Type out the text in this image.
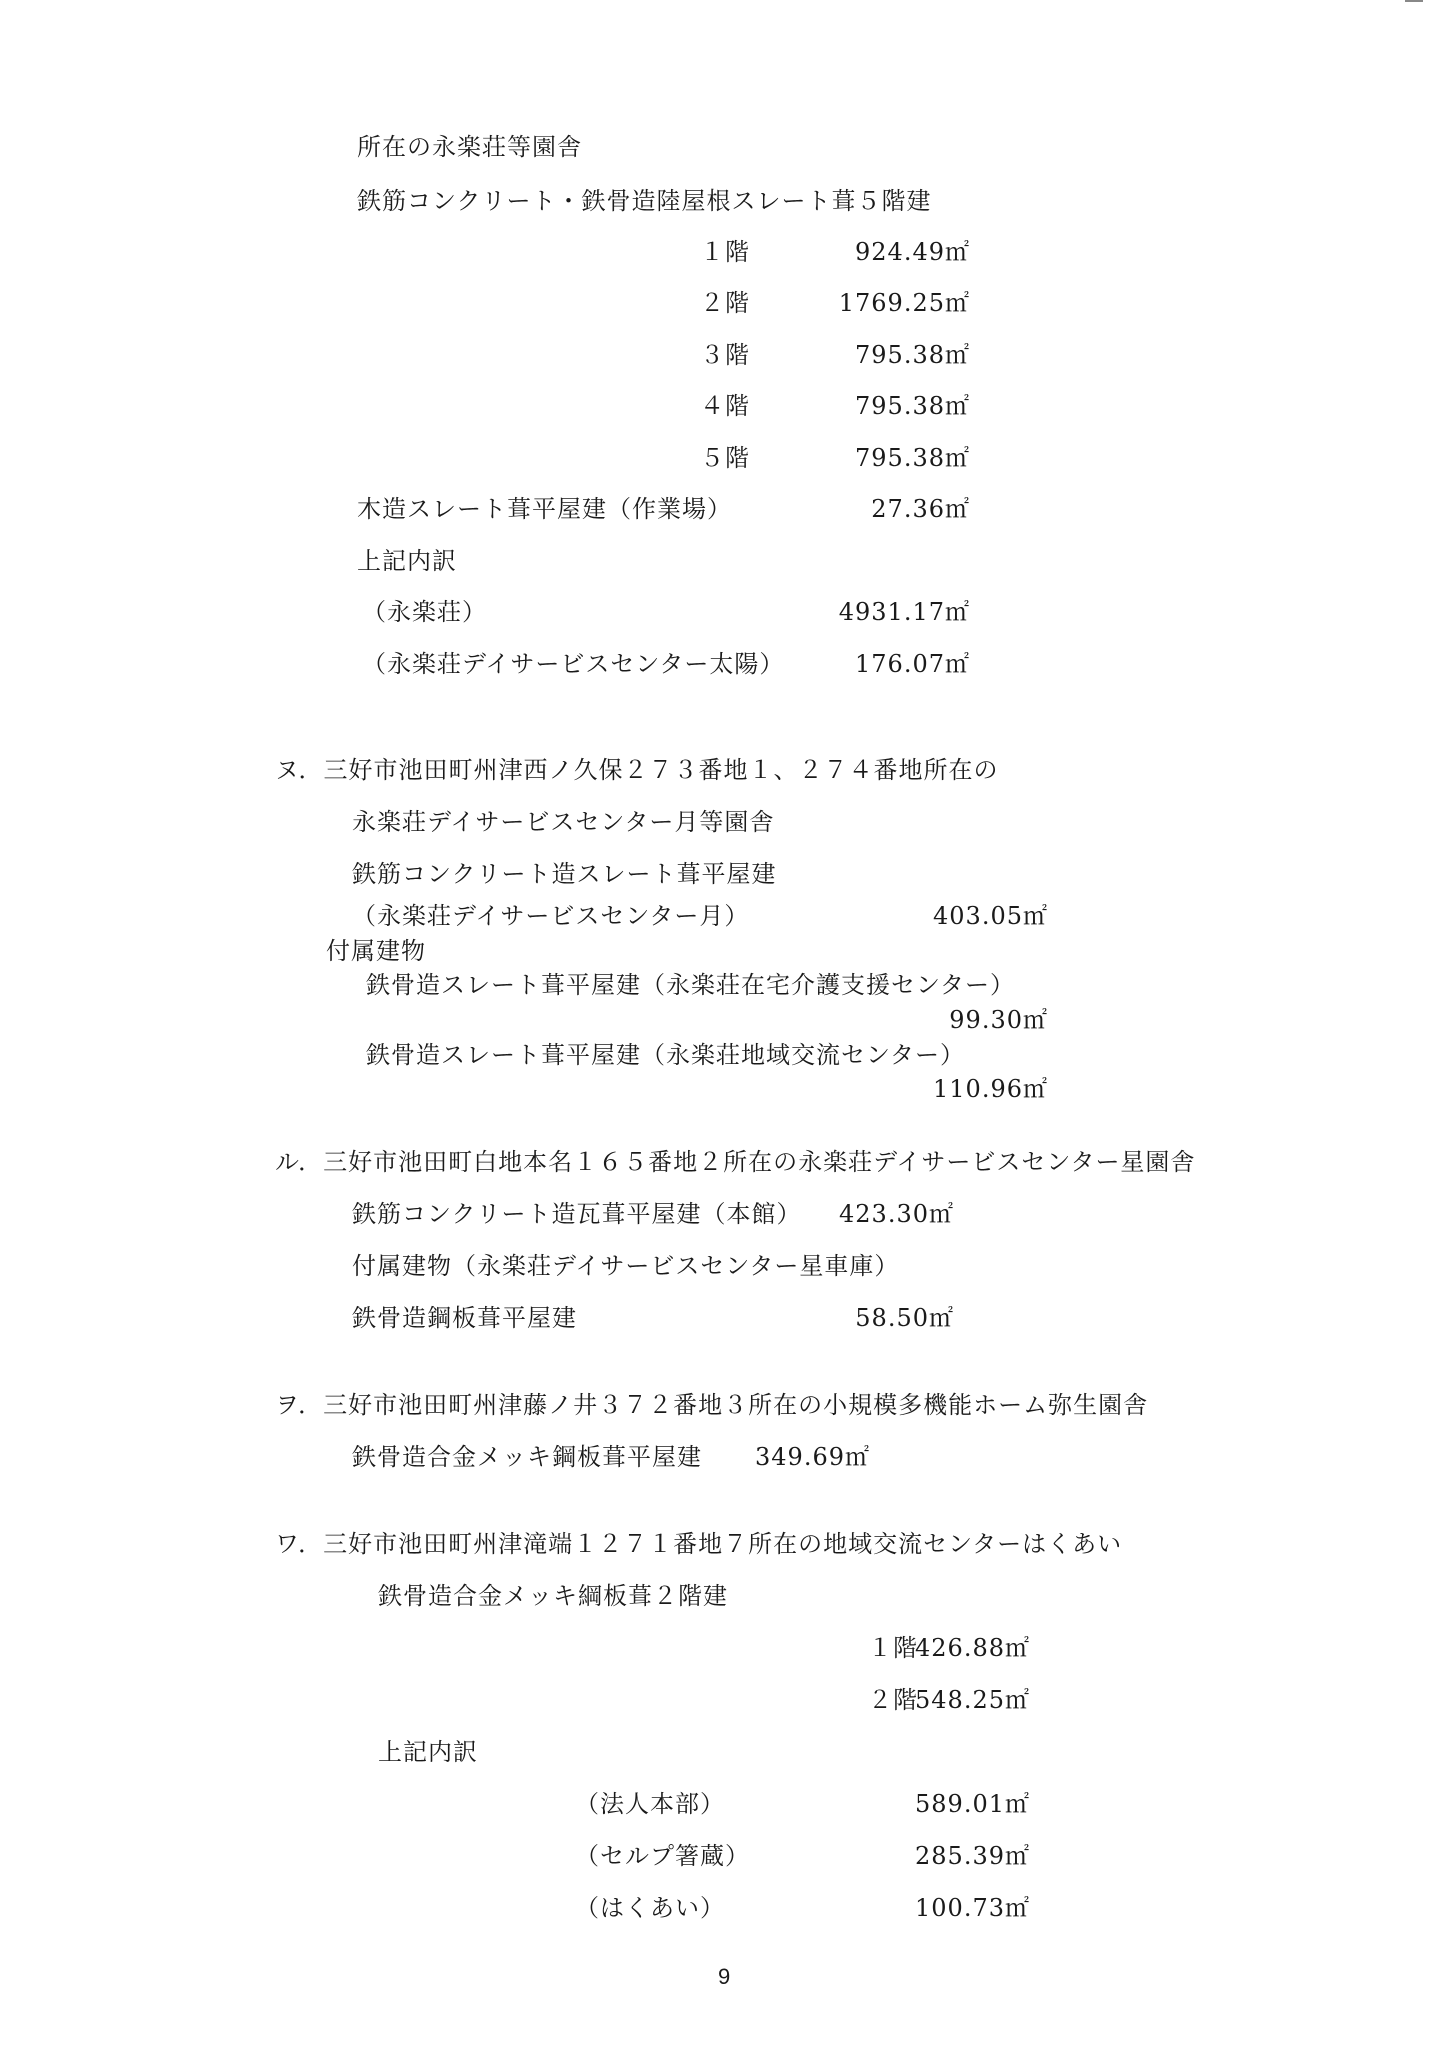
所在の永楽荘等園舎
鉄筋コンクリート・鉄骨造陸屋根スレート葺５階建
１階	924.49㎡
２階	1769.25㎡
３階	795.38㎡
４階	795.38㎡
５階	795.38㎡
木造スレート葺平屋建（作業場）	27.36㎡
上記内訳
（永楽荘）	4931.17㎡
（永楽荘デイサービスセンター太陽）	176.07㎡
ヌ．三好市池田町州津西ノ久保２７３番地１、２７４番地所在の
永楽荘デイサービスセンター月等園舎
鉄筋コンクリート造スレート葺平屋建
（永楽荘デイサービスセンター月）	403.05㎡
付属建物
鉄骨造スレート葺平屋建（永楽荘在宅介護支援センター）
99.30㎡
鉄骨造スレート葺平屋建（永楽荘地域交流センター）
110.96㎡
ル．三好市池田町白地本名１６５番地２所在の永楽荘デイサービスセンター星園舎
鉄筋コンクリート造瓦葺平屋建（本館）	423.30㎡
付属建物（永楽荘デイサービスセンター星車庫）
鉄骨造鋼板葺平屋建	58.50㎡
ヲ．三好市池田町州津藤ノ井３７２番地３所在の小規模多機能ホーム弥生園舎
鉄骨造合金メッキ鋼板葺平屋建	349.69㎡
ワ．三好市池田町州津滝端１２７１番地７所在の地域交流センターはくあい
鉄骨造合金メッキ綱板葺２階建
１階
426.88㎡
２階
548.25㎡
上記内訳
（法人本部）	589.01㎡
（セルプ箸蔵）	285.39㎡
（はくあい）	100.73㎡
9
